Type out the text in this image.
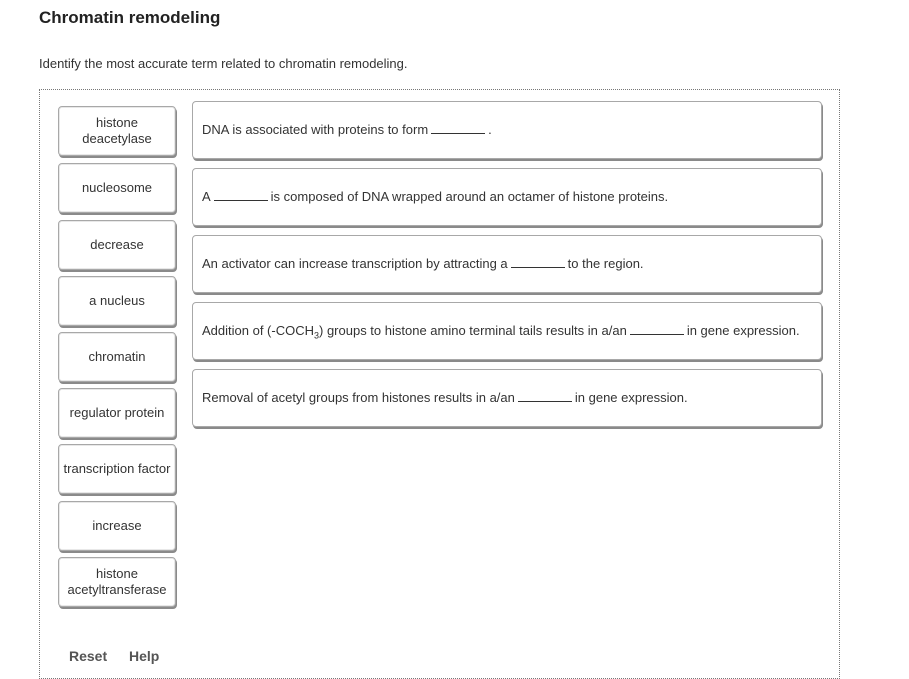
Chromatin remodeling
Identify the most accurate term related to chromatin remodeling.
histone deacetylase
nucleosome
decrease
a nucleus
chromatin
regulator protein
transcription factor
increase
histone acetyltransferase
DNA is associated with proteins to form	.
A	is composed of DNA wrapped around an octamer of histone proteins.
An activator can increase transcription by attracting a	to the region.
Addition of $(-COCH_3)$ groups to histone amino terminal tails results in a/an	in gene expression.
Removal of acetyl groups from histones results in a/an	in gene expression.
Reset Help
